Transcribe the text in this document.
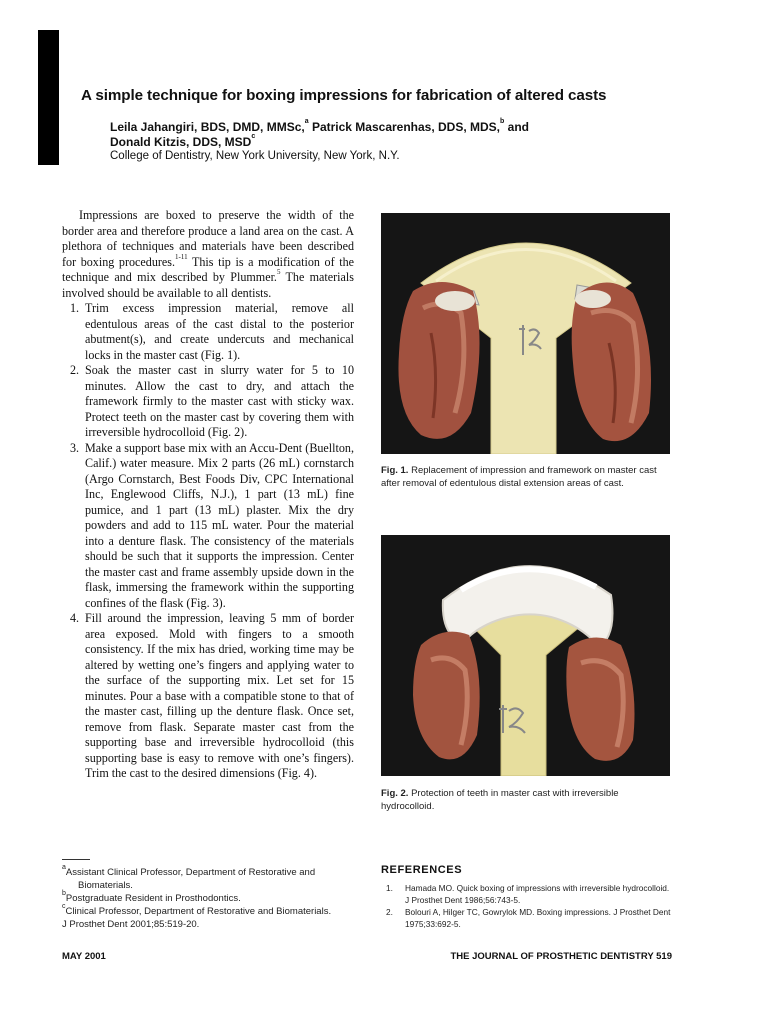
A simple technique for boxing impressions for fabrication of altered casts
Leila Jahangiri, BDS, DMD, MMSc,$^a$ Patrick Mascarenhas, DDS, MDS,$^b$ and
Donald Kitzis, DDS, MSD$^c$
College of Dentistry, New York University, New York, N.Y.

Impressions are boxed to preserve the width of the border area and therefore produce a land area on the cast. A plethora of techniques and materials have been described for boxing procedures.$^{1-11}$ This tip is a modification of the technique and mix described by Plummer.$^5$ The materials involved should be available to all dentists.

1. Trim excess impression material, remove all edentulous areas of the cast distal to the posterior abutment(s), and create undercuts and mechanical locks in the master cast (Fig. 1).
2. Soak the master cast in slurry water for 5 to 10 minutes. Allow the cast to dry, and attach the framework firmly to the master cast with sticky wax. Protect teeth on the master cast by covering them with irreversible hydrocolloid (Fig. 2).
3. Make a support base mix with an Accu-Dent (Buellton, Calif.) water measure. Mix 2 parts (26 mL) cornstarch (Argo Cornstarch, Best Foods Div, CPC International Inc, Englewood Cliffs, N.J.), 1 part (13 mL) fine pumice, and 1 part (13 mL) plaster. Mix the dry powders and add to 115 mL water. Pour the material into a denture flask. The consistency of the materials should be such that it supports the impression. Center the master cast and frame assembly upside down in the flask, immersing the framework within the supporting confines of the flask (Fig. 3).
4. Fill around the impression, leaving 5 mm of border area exposed. Mold with fingers to a smooth consistency. If the mix has dried, working time may be altered by wetting one’s fingers and applying water to the surface of the supporting mix. Let set for 15 minutes. Pour a base with a compatible stone to that of the master cast, filling up the denture flask. Once set, remove from flask. Separate master cast from the supporting base and irreversible hydrocolloid (this supporting base is easy to remove with one’s fingers). Trim the cast to the desired dimensions (Fig. 4).
Fig. 1. Replacement of impression and framework on master cast after removal of edentulous distal extension areas of cast.
Fig. 2. Protection of teeth in master cast with irreversible hydrocolloid.
$^a$Assistant Clinical Professor, Department of Restorative and
Biomaterials.
$^b$Postgraduate Resident in Prosthodontics.
$^c$Clinical Professor, Department of Restorative and Biomaterials.
J Prosthet Dent 2001;85:519-20.
REFERENCES
1. Hamada MO. Quick boxing of impressions with irreversible hydrocolloid. J Prosthet Dent 1986;56:743-5.
2. Bolouri A, Hilger TC, Gowrylok MD. Boxing impressions. J Prosthet Dent 1975;33:692-5.
MAY 2001	THE JOURNAL OF PROSTHETIC DENTISTRY 519
